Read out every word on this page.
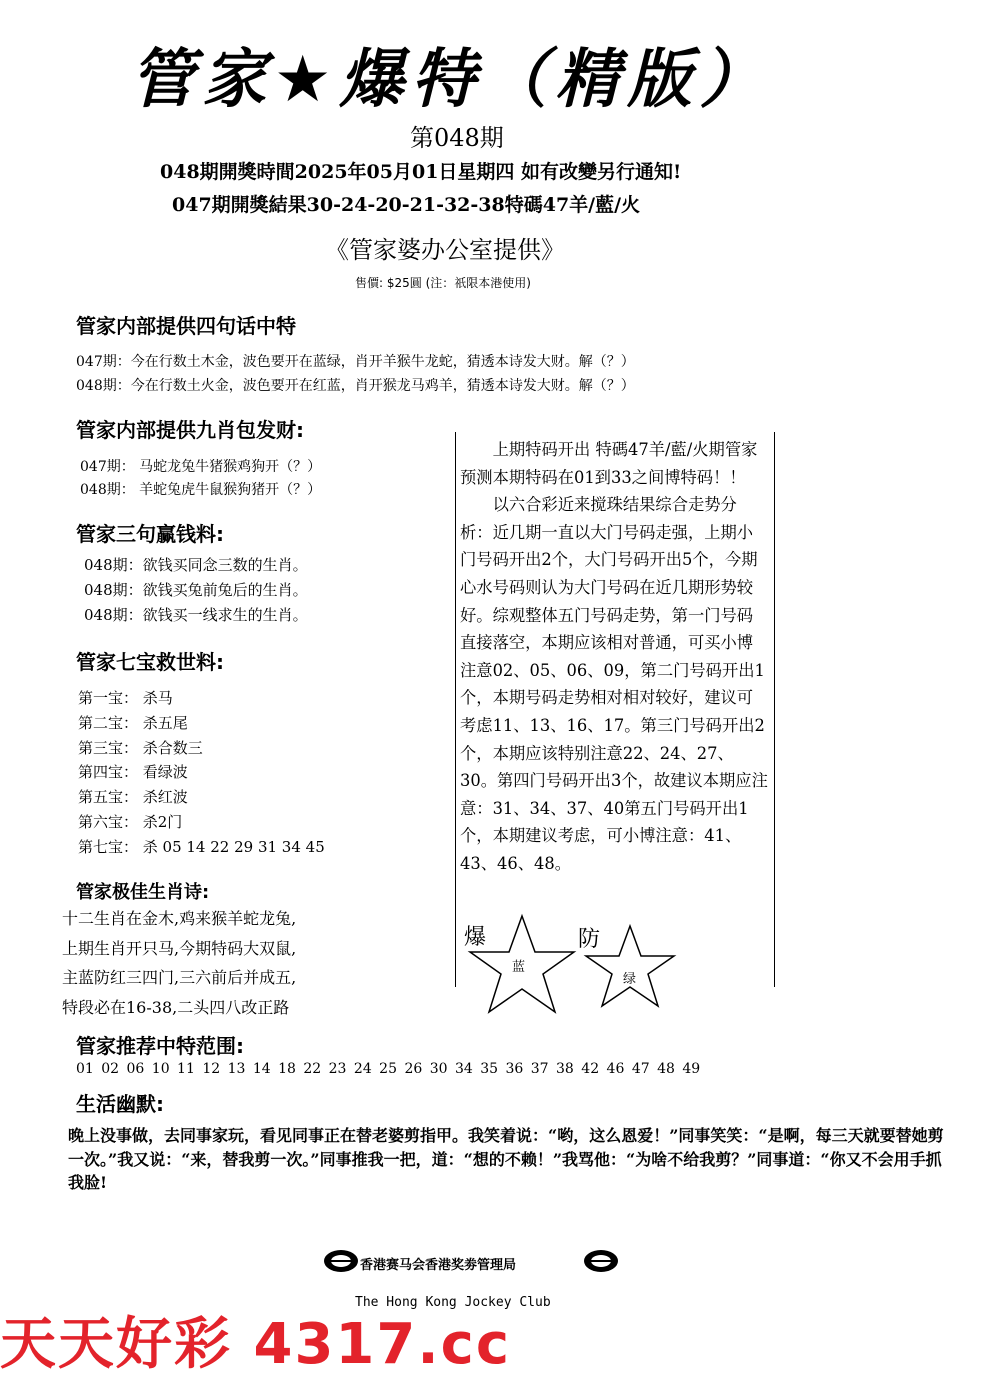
管家★爆特（精版）
第048期
048期開獎時間2025年05月01日星期四 如有改變另行通知!
047期開獎結果30-24-20-21-32-38特碼47羊/藍/火
《管家婆办公室提供》
售價: $25圓 (注：祇限本港使用)
管家内部提供四句话中特
047期：今在行数土木金，波色要开在蓝绿，肖开羊猴牛龙蛇，猜透本诗发大财。解（？）
048期：今在行数土火金，波色要开在红蓝，肖开猴龙马鸡羊，猜透本诗发大财。解（？）
管家内部提供九肖包发财:
047期： 马蛇龙兔牛猪猴鸡狗开（？）
048期： 羊蛇兔虎牛鼠猴狗猪开（？）
管家三句赢钱料:
048期：欲钱买同念三数的生肖。
048期：欲钱买兔前兔后的生肖。
048期：欲钱买一线求生的生肖。
管家七宝救世料:
第一宝： 杀马
第二宝： 杀五尾
第三宝： 杀合数三
第四宝： 看绿波
第五宝： 杀红波
第六宝： 杀2门
第七宝： 杀 05 14 22 29 31 34 45
管家极佳生肖诗:
十二生肖在金木,鸡来猴羊蛇龙兔,
上期生肖开只马,今期特码大双鼠,
主蓝防红三四门,三六前后并成五,
特段必在16-38,二头四八改正路

上期特码开出 特碼47羊/藍/火期管家预测本期特码在01到33之间博特码！！

以六合彩近来搅珠结果综合走势分析：近几期一直以大门号码走强，上期小门号码开出2个，大门号码开出5个，今期心水号码则认为大门号码在近几期形势较好。综观整体五门号码走势，第一门号码直接落空，本期应该相对普通，可买小博注意02、05、06、09，第二门号码开出1个，本期号码走势相对相对较好，建议可考虑11、13、16、17。第三门号码开出2个，本期应该特别注意22、24、27、30。第四门号码开出3个，故建议本期应注意：31、34、37、40第五门号码开出1个，本期建议考虑，可小博注意：41、43、46、48。

爆
蓝
防
绿
管家推荐中特范围:
01 02 06 10 11 12 13 14 18 22 23 24 25 26 30 34 35 36 37 38 42 46 47 48 49
生活幽默:
晚上没事做，去同事家玩，看见同事正在替老婆剪指甲。我笑着说：“哟，这么恩爱！”同事笑笑：“是啊，每三天就要替她剪一次。”我又说：“来，替我剪一次。”同事推我一把，道：“想的不赖！”我骂他：“为啥不给我剪？”同事道：“你又不会用手抓我脸!
香港赛马会香港奖劵管理局
The Hong Kong Jockey Club
天天好彩 4317.cc
